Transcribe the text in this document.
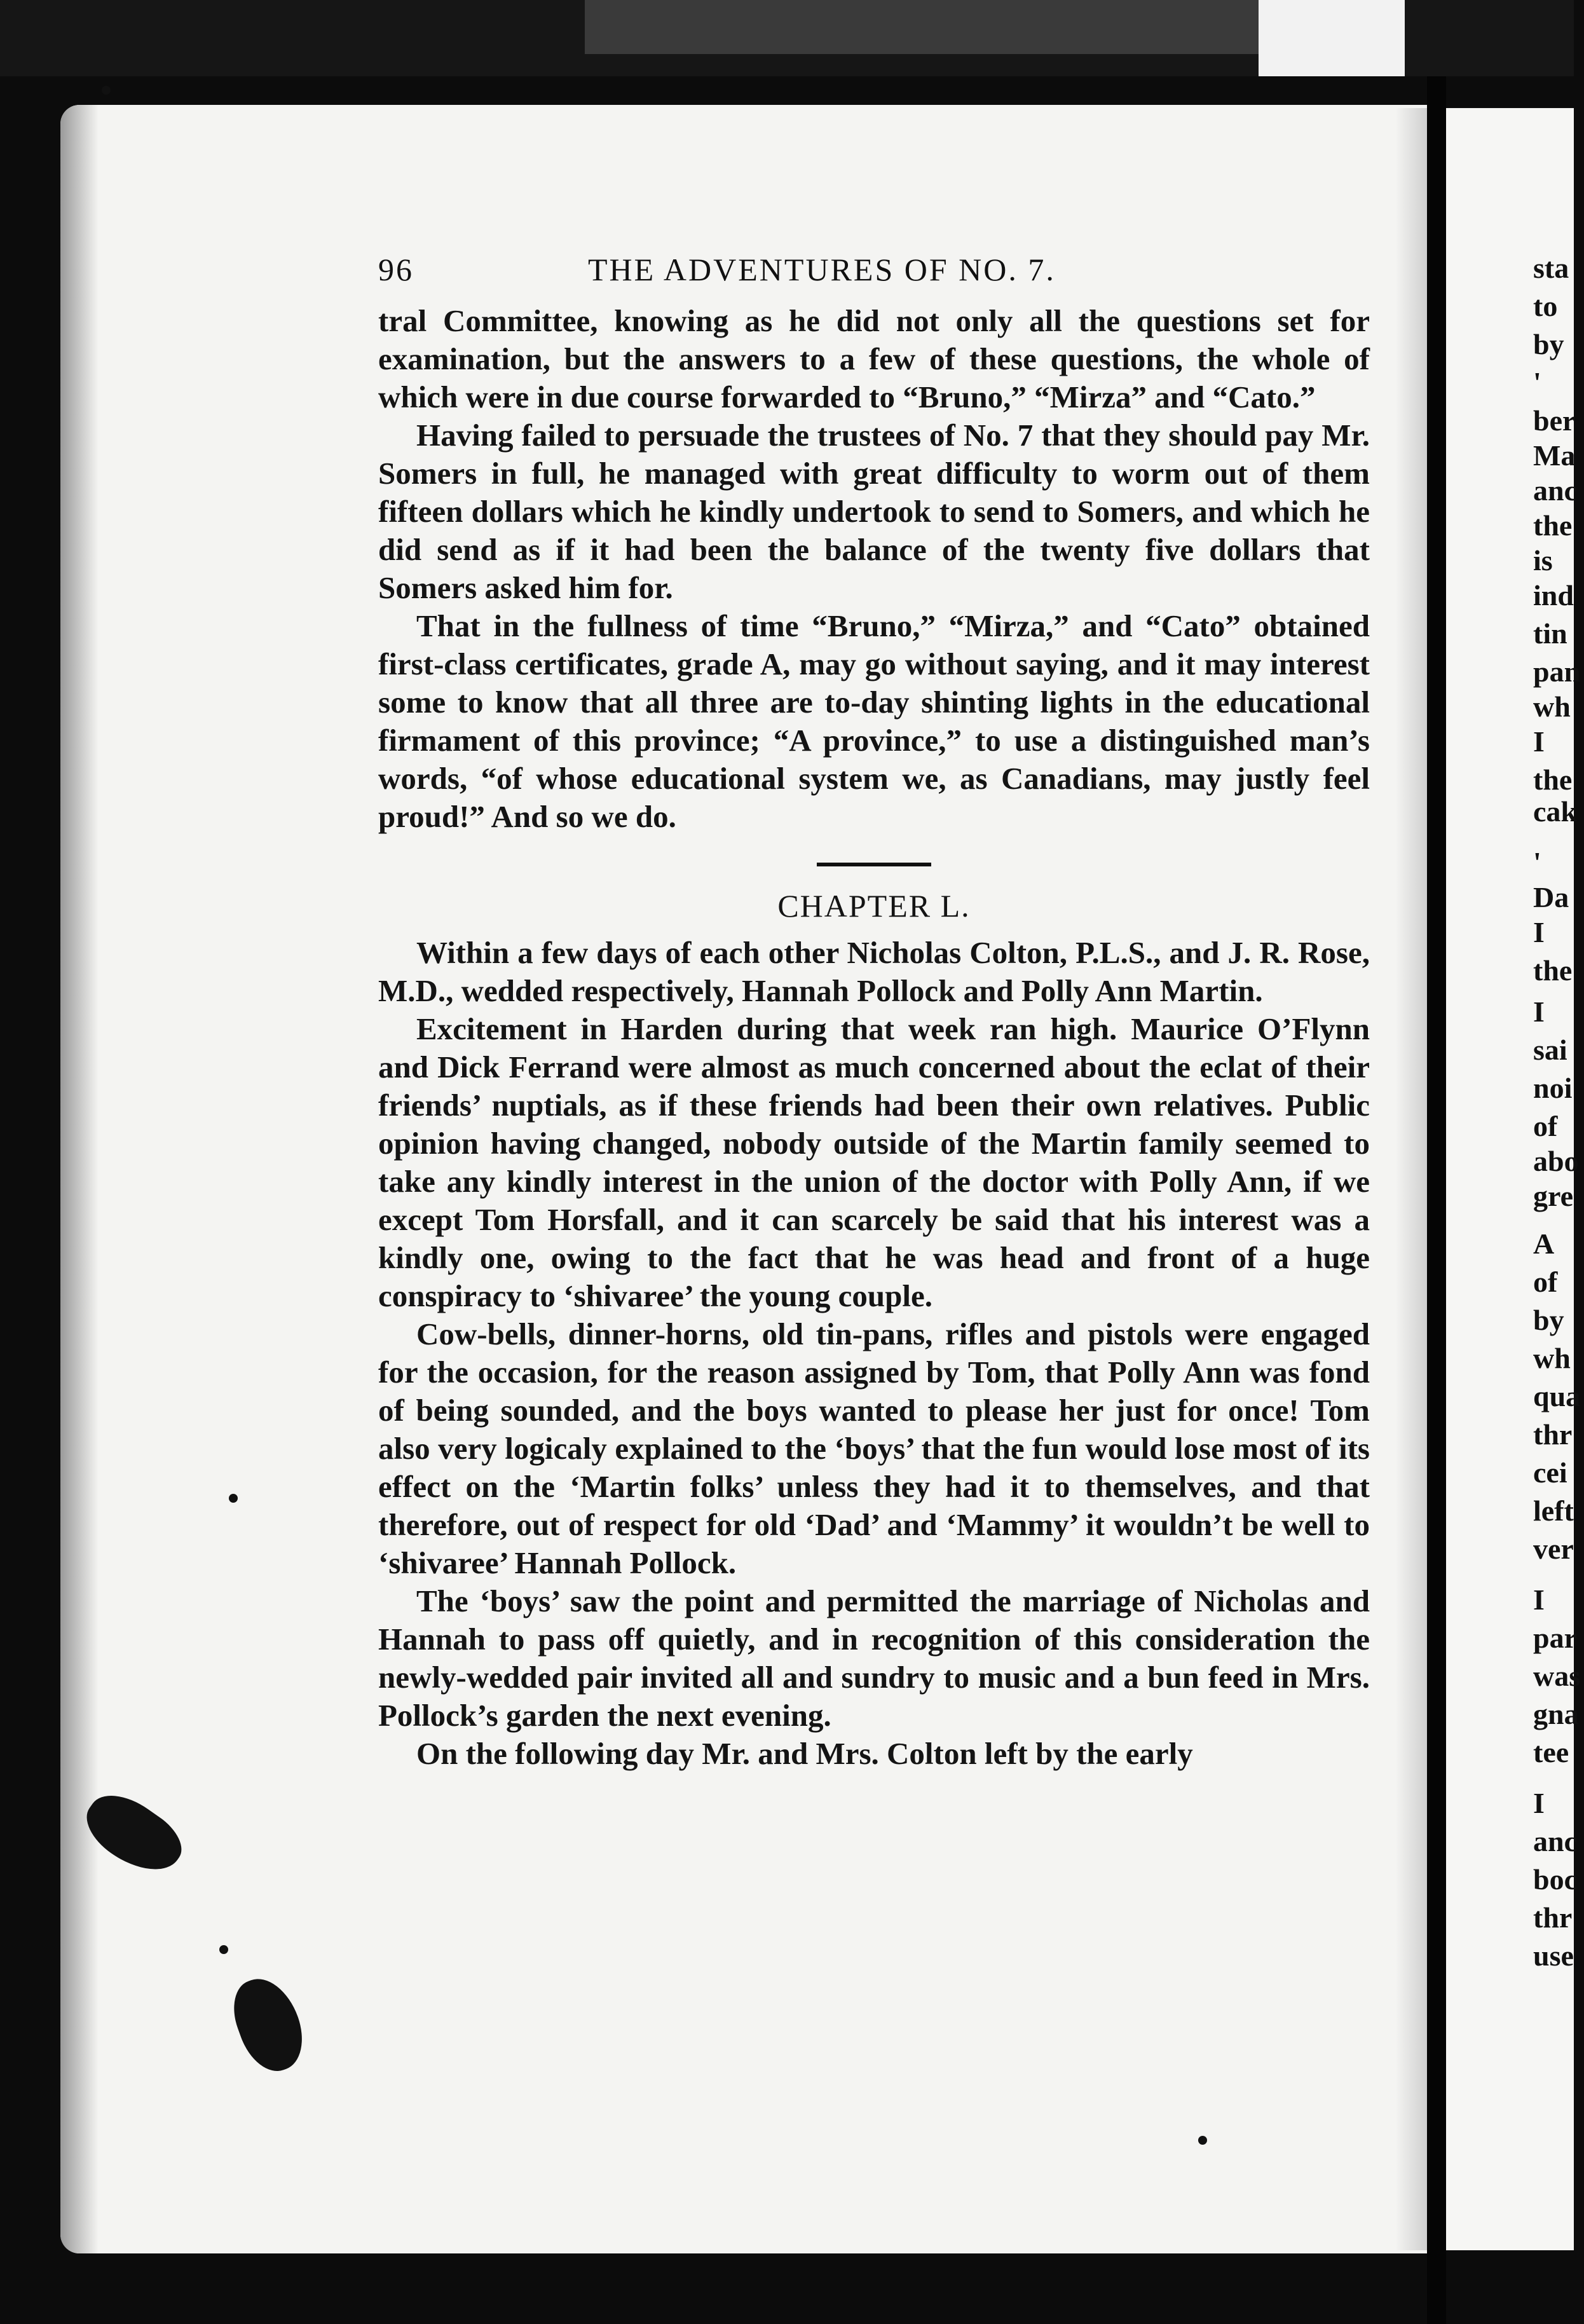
sta
to
by
'
ber
Ma
anc
the
is
ind
tin
pan
wh
I
the
cak
'
Da
I
the
I
sai
noi
of
abo
gre
A
of
by
wh
qua
thr
cei
left
ver
I
par
was
gna
tee
I
anc
boc
thr
use
96	THE ADVENTURES OF NO. 7.

tral Committee, knowing as he did not only all the questions set for examination, but the answers to a few of these questions, the whole of which were in due course forwarded to “Bruno,” “Mirza” and “Cato.”

Having failed to persuade the trustees of No. 7 that they should pay Mr. Somers in full, he managed with great difficulty to worm out of them fifteen dollars which he kindly undertook to send to Somers, and which he did send as if it had been the balance of the twenty five dollars that Somers asked him for.

That in the fullness of time “Bruno,” “Mirza,” and “Cato” obtained first-class certificates, grade A, may go without saying, and it may interest some to know that all three are to-day shinting lights in the educational firmament of this province; “A province,” to use a distinguished man’s words, “of whose educational system we, as Canadians, may justly feel proud!” And so we do.

CHAPTER L.

Within a few days of each other Nicholas Colton, P.L.S., and J. R. Rose, M.D., wedded respectively, Hannah Pollock and Polly Ann Martin.

Excitement in Harden during that week ran high. Maurice O’Flynn and Dick Ferrand were almost as much concerned about the eclat of their friends’ nuptials, as if these friends had been their own relatives. Public opinion having changed, nobody outside of the Martin family seemed to take any kindly interest in the union of the doctor with Polly Ann, if we except Tom Horsfall, and it can scarcely be said that his interest was a kindly one, owing to the fact that he was head and front of a huge conspiracy to ‘shivaree’ the young couple.

Cow-bells, dinner-horns, old tin-pans, rifles and pistols were engaged for the occasion, for the reason assigned by Tom, that Polly Ann was fond of being sounded, and the boys wanted to please her just for once! Tom also very logicaly explained to the ‘boys’ that the fun would lose most of its effect on the ‘Martin folks’ unless they had it to themselves, and that therefore, out of respect for old ‘Dad’ and ‘Mammy’ it wouldn’t be well to ‘shivaree’ Hannah Pollock.

The ‘boys’ saw the point and permitted the marriage of Nicholas and Hannah to pass off quietly, and in recognition of this consideration the newly-wedded pair invited all and sundry to music and a bun feed in Mrs. Pollock’s garden the next evening.

On the following day Mr. and Mrs. Colton left by the early
